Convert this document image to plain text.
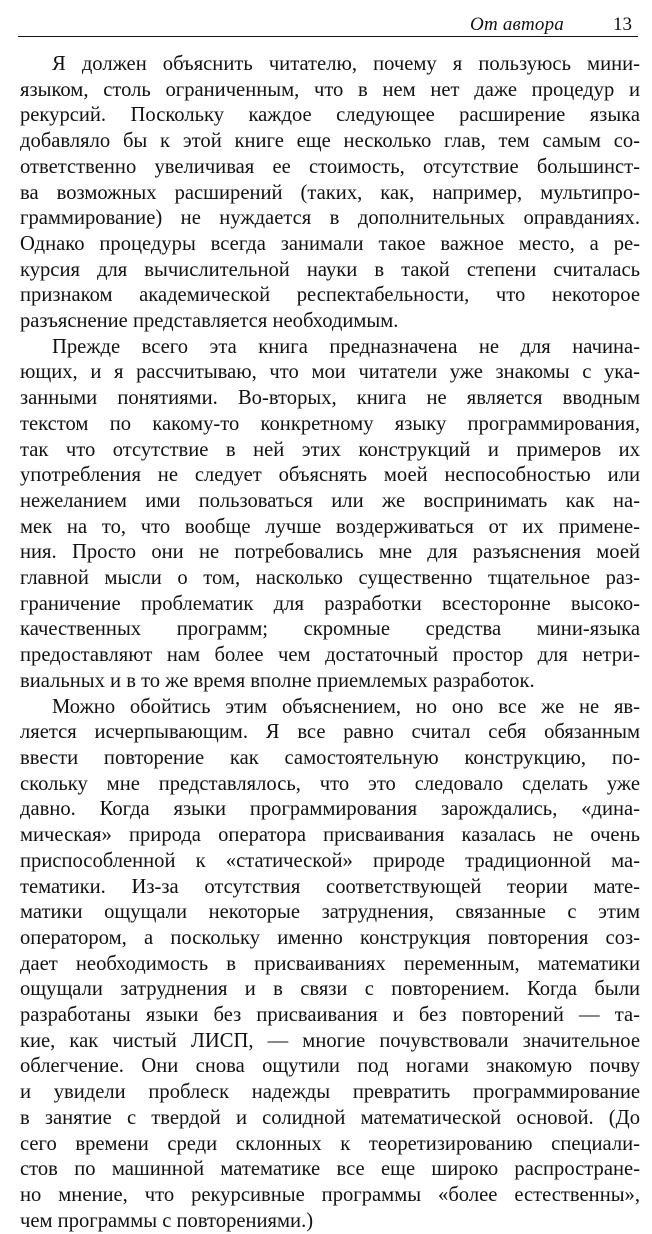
От автора	13
Я должен объяснить читателю, почему я пользуюсь мини-
языком, столь ограниченным, что в нем нет даже процедур и
рекурсий. Поскольку каждое следующее расширение языка
добавляло бы к этой книге еще несколько глав, тем самым со-
ответственно увеличивая ее стоимость, отсутствие большинст-
ва возможных расширений (таких, как, например, мультипро-
граммирование) не нуждается в дополнительных оправданиях.
Однако процедуры всегда занимали такое важное место, а ре-
курсия для вычислительной науки в такой степени считалась
признаком академической респектабельности, что некоторое
разъяснение представляется необходимым.
Прежде всего эта книга предназначена не для начина-
ющих, и я рассчитываю, что мои читатели уже знакомы с ука-
занными понятиями. Во-вторых, книга не является вводным
текстом по какому-то конкретному языку программирования,
так что отсутствие в ней этих конструкций и примеров их
употребления не следует объяснять моей неспособностью или
нежеланием ими пользоваться или же воспринимать как на-
мек на то, что вообще лучше воздерживаться от их примене-
ния. Просто они не потребовались мне для разъяснения моей
главной мысли о том, насколько существенно тщательное раз-
граничение проблематик для разработки всесторонне высоко-
качественных программ; скромные средства мини-языка
предоставляют нам более чем достаточный простор для нетри-
виальных и в то же время вполне приемлемых разработок.
Можно обойтись этим объяснением, но оно все же не яв-
ляется исчерпывающим. Я все равно считал себя обязанным
ввести повторение как самостоятельную конструкцию, по-
скольку мне представлялось, что это следовало сделать уже
давно. Когда языки программирования зарождались, «дина-
мическая» природа оператора присваивания казалась не очень
приспособленной к «статической» природе традиционной ма-
тематики. Из-за отсутствия соответствующей теории мате-
матики ощущали некоторые затруднения, связанные с этим
оператором, а поскольку именно конструкция повторения соз-
дает необходимость в присваиваниях переменным, математики
ощущали затруднения и в связи с повторением. Когда были
разработаны языки без присваивания и без повторений — та-
кие, как чистый ЛИСП, — многие почувствовали значительное
облегчение. Они снова ощутили под ногами знакомую почву
и увидели проблеск надежды превратить программирование
в занятие с твердой и солидной математической основой. (До
сего времени среди склонных к теоретизированию специали-
стов по машинной математике все еще широко распростране-
но мнение, что рекурсивные программы «более естественны»,
чем программы с повторениями.)
